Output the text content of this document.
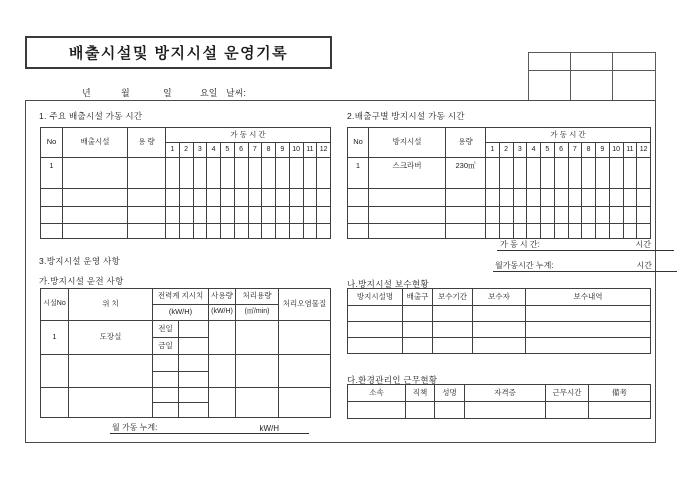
배출시설및 방지시설 운영기록

년	월	일	요일 날씨:
1. 주요 배출시설 가동 시간
No	배출시설	용 량	가 동 시 간											
			1	2	3	4	5	6	7	8	9	10	11	12
1														

2.배출구별 방지시설 가동 시간
No	방지시설	용량	가 동 시 간											
			1	2	3	4	5	6	7	8	9	10	11	12
1	스크라버	230㎥												

가 동 시 간:	시간
월가동시간 누계:	시간
3.방지시설 운영 사항
가.방지시설 운전 사항
시설No	위 치	전력계 지시치		사용량	처리용량	처리오염물질
		(kW/H)		(kW/H)	(㎥/min)	
1	도장실	전일				
		금일				

월 가동 누계:	kW/H
나.방지시설 보수현황
방지시설명	배출구	보수기간	보수자	보수내역

다.환경관리인 근무현황
소속	직책	성명	자격증	근무시간	備考
